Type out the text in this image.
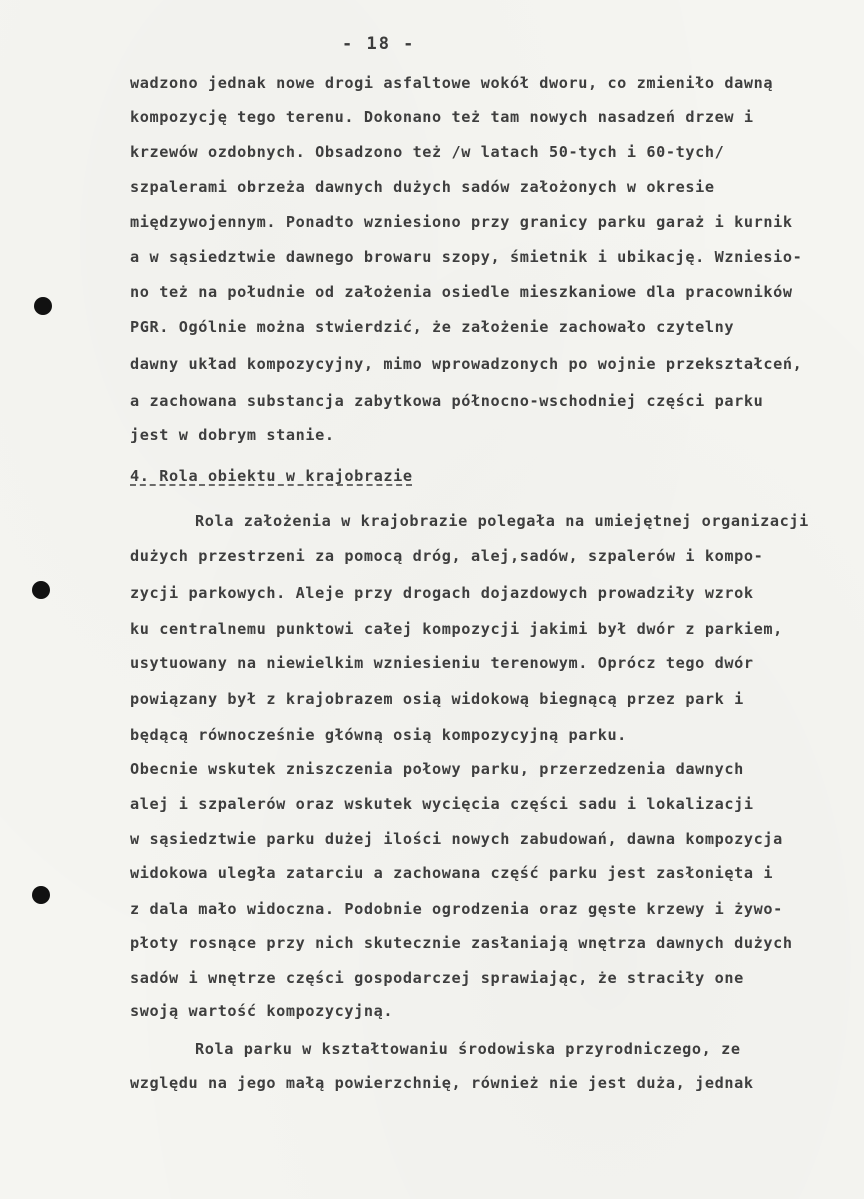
- 18 -
wadzono jednak nowe drogi asfaltowe wokół dworu, co zmieniło dawną
kompozycję tego terenu. Dokonano też tam nowych nasadzeń drzew i
krzewów ozdobnych. Obsadzono też /w latach 50-tych i 60-tych/
szpalerami obrzeża dawnych dużych sadów założonych w okresie
międzywojennym. Ponadto wzniesiono przy granicy parku garaż i kurnik
a w sąsiedztwie dawnego browaru szopy, śmietnik i ubikację. Wzniesio-
no też na południe od założenia osiedle mieszkaniowe dla pracowników
PGR. Ogólnie można stwierdzić, że założenie zachowało czytelny
dawny układ kompozycyjny, mimo wprowadzonych po wojnie przekształceń,
a zachowana substancja zabytkowa północno-wschodniej części parku
jest w dobrym stanie.
4. Rola obiektu w krajobrazie
Rola założenia w krajobrazie polegała na umiejętnej organizacji
dużych przestrzeni za pomocą dróg, alej,sadów, szpalerów i kompo-
zycji parkowych. Aleje przy drogach dojazdowych prowadziły wzrok
ku centralnemu punktowi całej kompozycji jakimi był dwór z parkiem,
usytuowany na niewielkim wzniesieniu terenowym. Oprócz tego dwór
powiązany był z krajobrazem osią widokową biegnącą przez park i
będącą równocześnie główną osią kompozycyjną parku.
Obecnie wskutek zniszczenia połowy parku, przerzedzenia dawnych
alej i szpalerów oraz wskutek wycięcia części sadu i lokalizacji
w sąsiedztwie parku dużej ilości nowych zabudowań, dawna kompozycja
widokowa uległa zatarciu a zachowana część parku jest zasłonięta i
z dala mało widoczna. Podobnie ogrodzenia oraz gęste krzewy i żywo-
płoty rosnące przy nich skutecznie zasłaniają wnętrza dawnych dużych
sadów i wnętrze części gospodarczej sprawiając, że straciły one
swoją wartość kompozycyjną.
Rola parku w kształtowaniu środowiska przyrodniczego, ze
względu na jego małą powierzchnię, również nie jest duża, jednak
